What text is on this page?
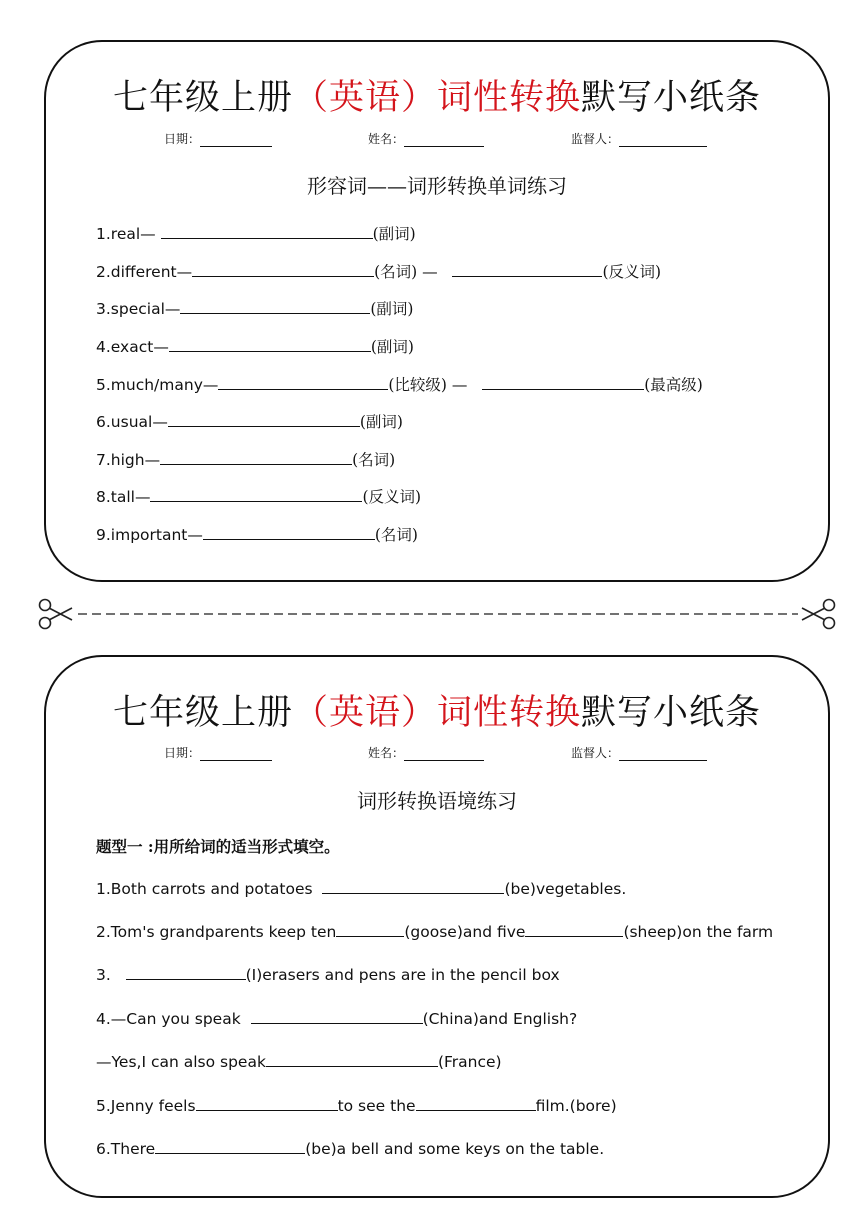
七年级上册（英语）词性转换默写小纸条
日期：	姓名：	监督人：
形容词——词形转换单词练习
1.real—	(副词)
2.different—	(名词) —	(反义词)
3.special—	(副词)
4.exact—	(副词)
5.much/many—	(比较级) —	(最高级)
6.usual—	(副词)
7.high—	(名词)
8.tall—	(反义词)
9.important—	(名词)
七年级上册（英语）词性转换默写小纸条
日期：	姓名：	监督人：
词形转换语境练习
题型一 :用所给词的适当形式填空。
1.Both carrots and potatoes	(be)vegetables.
2.Tom's grandparents keep ten	(goose)and five	(sheep)on the farm
3.	(I)erasers and pens are in the pencil box
4.—Can you speak	(China)and English?
—Yes,I can also speak	(France)
5.Jenny feels	to see the	film.(bore)
6.There	(be)a bell and some keys on the table.
